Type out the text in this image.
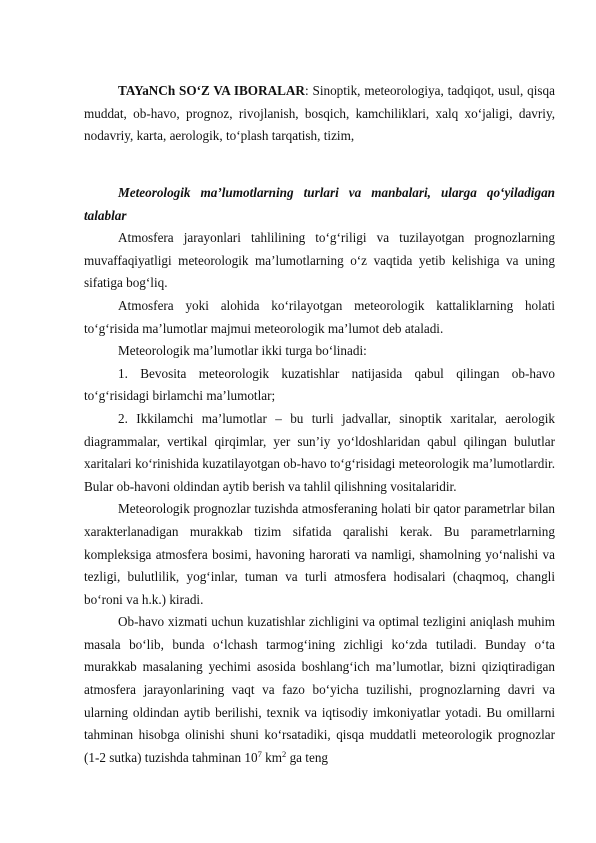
TAYaNCh SO‘Z VA IBORALAR: Sinoptik, meteorologiya, tadqiqot, usul, qisqa muddat, ob-havo, prognoz, rivojlanish, bosqich, kamchiliklari, xalq xo‘jaligi, davriy, nodavriy, karta, aerologik, to‘plash tarqatish, tizim,

Meteorologik ma’lumotlarning turlari va manbalari, ularga qo‘yiladigan talablar

Atmosfera jarayonlari tahlilining to‘g‘riligi va tuzilayotgan prognozlarning muvaffaqiyatligi meteorologik ma’lumotlarning o‘z vaqtida yetib kelishiga va uning sifatiga bog‘liq.

Atmosfera yoki alohida ko‘rilayotgan meteorologik kattaliklarning holati to‘g‘risida ma’lumotlar majmui meteorologik ma’lumot deb ataladi.

Meteorologik ma’lumotlar ikki turga bo‘linadi:

1. Bevosita meteorologik kuzatishlar natijasida qabul qilingan ob-havo to‘g‘risidagi birlamchi ma’lumotlar;

2. Ikkilamchi ma’lumotlar – bu turli jadvallar, sinoptik xaritalar, aerologik diagrammalar, vertikal qirqimlar, yer sun’iy yo‘ldoshlaridan qabul qilingan bulutlar xaritalari ko‘rinishida kuzatilayotgan ob-havo to‘g‘risidagi meteorologik ma’lumotlardir. Bular ob-havoni oldindan aytib berish va tahlil qilishning vositalaridir.

Meteorologik prognozlar tuzishda atmosferaning holati bir qator parametrlar bilan xarakterlanadigan murakkab tizim sifatida qaralishi kerak. Bu parametrlarning kompleksiga atmosfera bosimi, havoning harorati va namligi, shamolning yo‘nalishi va tezligi, bulutlilik, yog‘inlar, tuman va turli atmosfera hodisalari (chaqmoq, changli bo‘roni va h.k.) kiradi.

Ob-havo xizmati uchun kuzatishlar zichligini va optimal tezligini aniqlash muhim masala bo‘lib, bunda o‘lchash tarmog‘ining zichligi ko‘zda tutiladi. Bunday o‘ta murakkab masalaning yechimi asosida boshlang‘ich ma’lumotlar, bizni qiziqtiradigan atmosfera jarayonlarining vaqt va fazo bo‘yicha tuzilishi, prognozlarning davri va ularning oldindan aytib berilishi, texnik va iqtisodiy imkoniyatlar yotadi. Bu omillarni tahminan hisobga olinishi shuni ko‘rsatadiki, qisqa muddatli meteorologik prognozlar (1-2 sutka) tuzishda tahminan $10^7$ $km^2$ ga teng
